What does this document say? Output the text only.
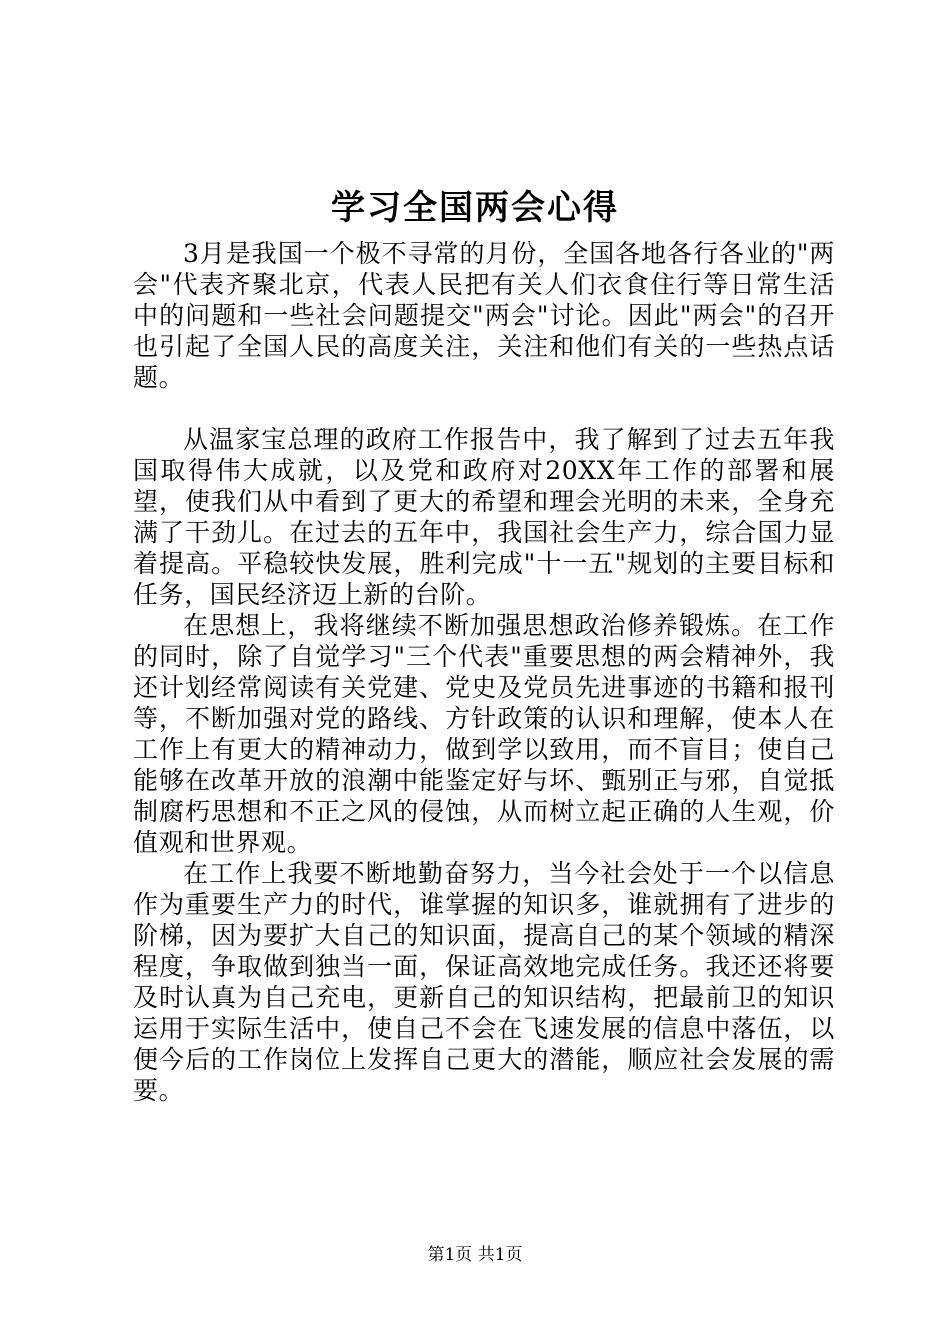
学习全国两会心得

3月是我国一个极不寻常的月份，全国各地各行各业的"两会"代表齐聚北京，代表人民把有关人们衣食住行等日常生活中的问题和一些社会问题提交"两会"讨论。因此"两会"的召开也引起了全国人民的高度关注，关注和他们有关的一些热点话题。

从温家宝总理的政府工作报告中，我了解到了过去五年我国取得伟大成就，以及党和政府对20XX年工作的部署和展望，使我们从中看到了更大的希望和理会光明的未来，全身充满了干劲儿。在过去的五年中，我国社会生产力，综合国力显着提高。平稳较快发展，胜利完成"十一五"规划的主要目标和任务，国民经济迈上新的台阶。

在思想上，我将继续不断加强思想政治修养锻炼。在工作的同时，除了自觉学习"三个代表"重要思想的两会精神外，我还计划经常阅读有关党建、党史及党员先进事迹的书籍和报刊等，不断加强对党的路线、方针政策的认识和理解，使本人在工作上有更大的精神动力，做到学以致用，而不盲目；使自己能够在改革开放的浪潮中能鉴定好与坏、甄别正与邪，自觉抵制腐朽思想和不正之风的侵蚀，从而树立起正确的人生观，价值观和世界观。

在工作上我要不断地勤奋努力，当今社会处于一个以信息作为重要生产力的时代，谁掌握的知识多，谁就拥有了进步的阶梯，因为要扩大自己的知识面，提高自己的某个领域的精深程度，争取做到独当一面，保证高效地完成任务。我还还将要及时认真为自己充电，更新自己的知识结构，把最前卫的知识运用于实际生活中，使自己不会在飞速发展的信息中落伍，以便今后的工作岗位上发挥自己更大的潜能，顺应社会发展的需要。

第1页 共1页
